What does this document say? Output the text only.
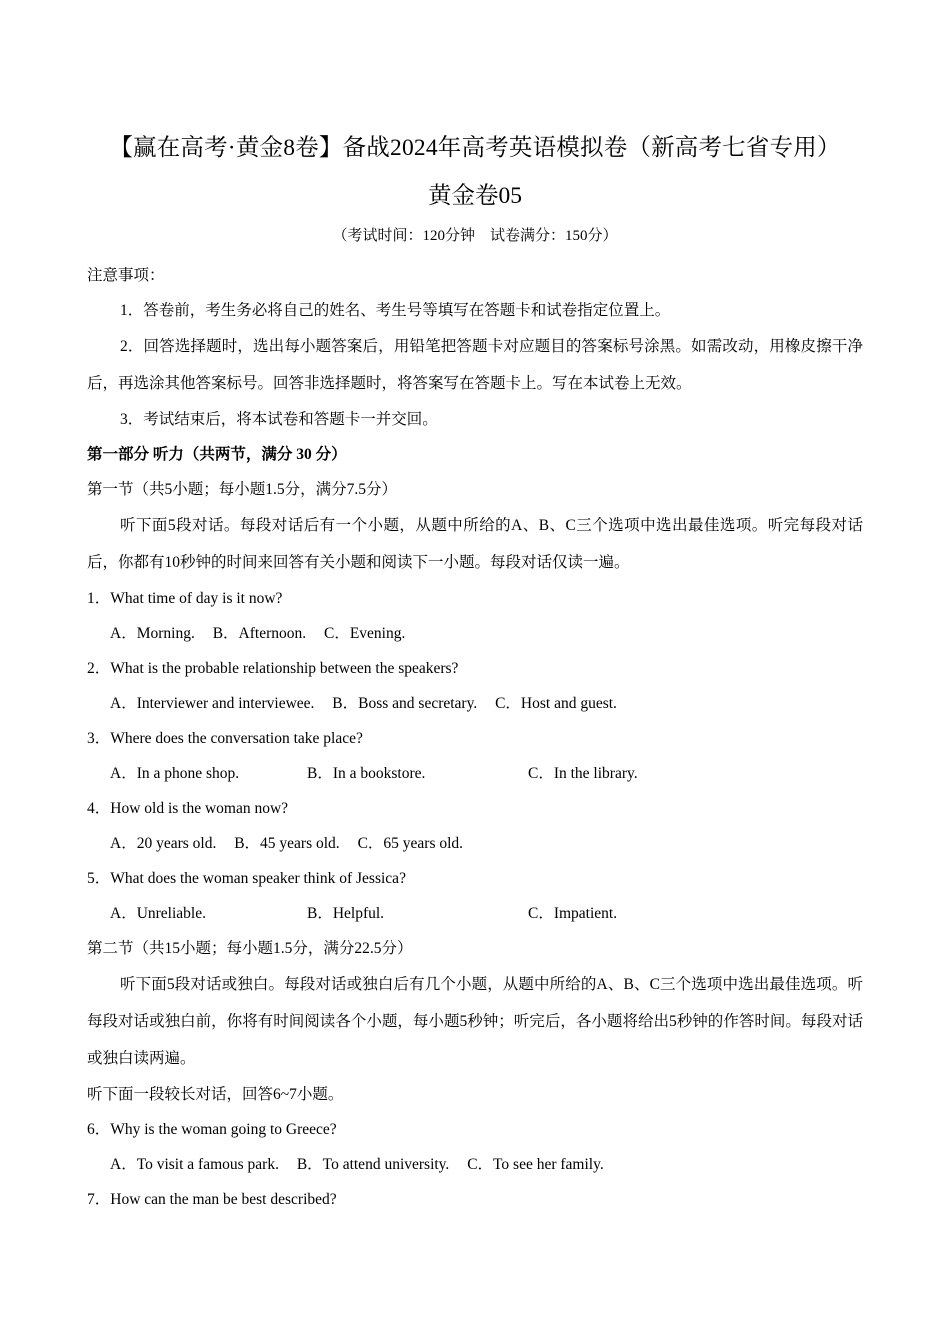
【赢在高考·黄金8卷】备战2024年高考英语模拟卷（新高考七省专用）
黄金卷05

（考试时间：120分钟　试卷满分：150分）

注意事项：

1．答卷前，考生务必将自己的姓名、考生号等填写在答题卡和试卷指定位置上。

2．回答选择题时，选出每小题答案后，用铅笔把答题卡对应题目的答案标号涂黑。如需改动，用橡皮擦干净后，再选涂其他答案标号。回答非选择题时，将答案写在答题卡上。写在本试卷上无效。

3．考试结束后，将本试卷和答题卡一并交回。

第一部分 听力（共两节，满分 30 分）

第一节（共5小题；每小题1.5分，满分7.5分）

听下面5段对话。每段对话后有一个小题，从题中所给的A、B、C三个选项中选出最佳选项。听完每段对话后，你都有10秒钟的时间来回答有关小题和阅读下一小题。每段对话仅读一遍。

1．What time of day is it now?

A．Morning. B．Afternoon. C．Evening.

2．What is the probable relationship between the speakers?

A．Interviewer and interviewee. B．Boss and secretary. C．Host and guest.

3．Where does the conversation take place?

A．In a phone shop.	B．In a bookstore.	C．In the library.

4．How old is the woman now?

A．20 years old. B．45 years old. C．65 years old.

5．What does the woman speaker think of Jessica?

A．Unreliable.	B．Helpful.	C．Impatient.

第二节（共15小题；每小题1.5分，满分22.5分）

听下面5段对话或独白。每段对话或独白后有几个小题，从题中所给的A、B、C三个选项中选出最佳选项。听每段对话或独白前，你将有时间阅读各个小题，每小题5秒钟；听完后，各小题将给出5秒钟的作答时间。每段对话或独白读两遍。

听下面一段较长对话，回答6~7小题。

6．Why is the woman going to Greece?

A．To visit a famous park. B．To attend university. C．To see her family.

7．How can the man be best described?
